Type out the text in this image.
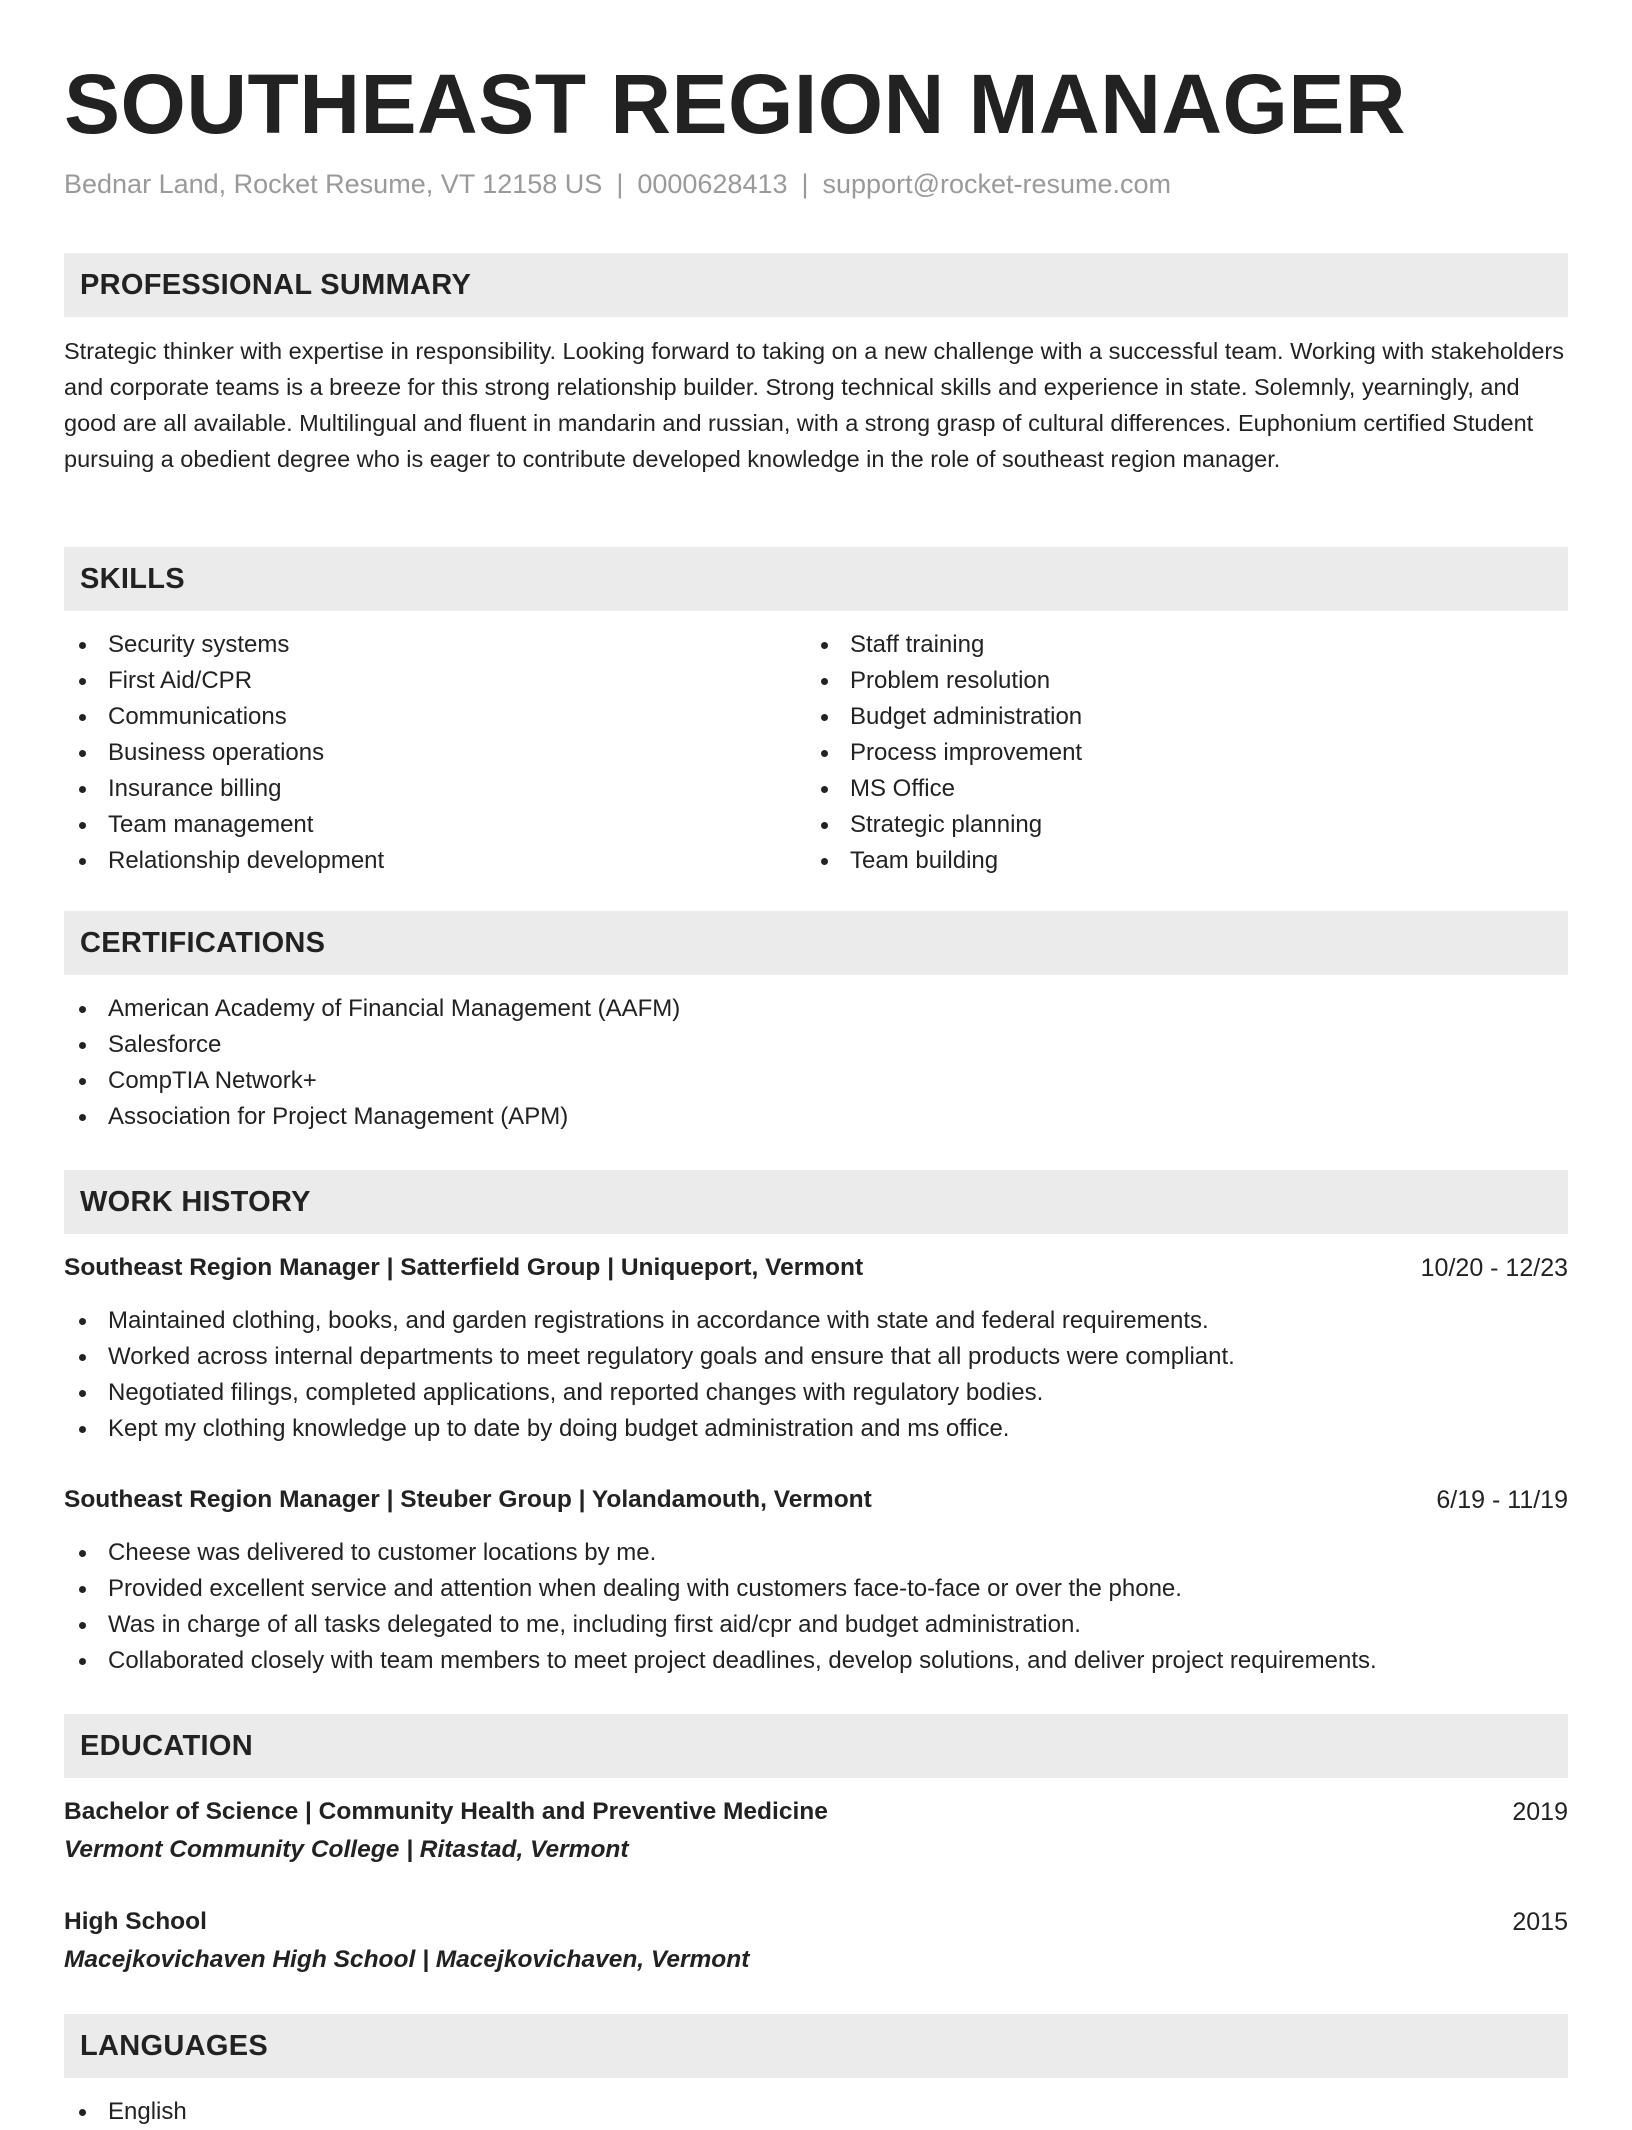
SOUTHEAST REGION MANAGER
Bednar Land, Rocket Resume, VT 12158 US | 0000628413 | support@rocket-resume.com
PROFESSIONAL SUMMARY
Strategic thinker with expertise in responsibility. Looking forward to taking on a new challenge with a successful team. Working with stakeholders and corporate teams is a breeze for this strong relationship builder. Strong technical skills and experience in state. Solemnly, yearningly, and good are all available. Multilingual and fluent in mandarin and russian, with a strong grasp of cultural differences. Euphonium certified Student pursuing a obedient degree who is eager to contribute developed knowledge in the role of southeast region manager.
SKILLS
Security systems
First Aid/CPR
Communications
Business operations
Insurance billing
Team management
Relationship development
Staff training
Problem resolution
Budget administration
Process improvement
MS Office
Strategic planning
Team building
CERTIFICATIONS
American Academy of Financial Management (AAFM)
Salesforce
CompTIA Network+
Association for Project Management (APM)
WORK HISTORY
Southeast Region Manager | Satterfield Group | Uniqueport, Vermont	10/20 - 12/23
Maintained clothing, books, and garden registrations in accordance with state and federal requirements.
Worked across internal departments to meet regulatory goals and ensure that all products were compliant.
Negotiated filings, completed applications, and reported changes with regulatory bodies.
Kept my clothing knowledge up to date by doing budget administration and ms office.
Southeast Region Manager | Steuber Group | Yolandamouth, Vermont	6/19 - 11/19
Cheese was delivered to customer locations by me.
Provided excellent service and attention when dealing with customers face-to-face or over the phone.
Was in charge of all tasks delegated to me, including first aid/cpr and budget administration.
Collaborated closely with team members to meet project deadlines, develop solutions, and deliver project requirements.
EDUCATION
Bachelor of Science | Community Health and Preventive Medicine	2019
Vermont Community College | Ritastad, Vermont
High School	2015
Macejkovichaven High School | Macejkovichaven, Vermont
LANGUAGES
English
